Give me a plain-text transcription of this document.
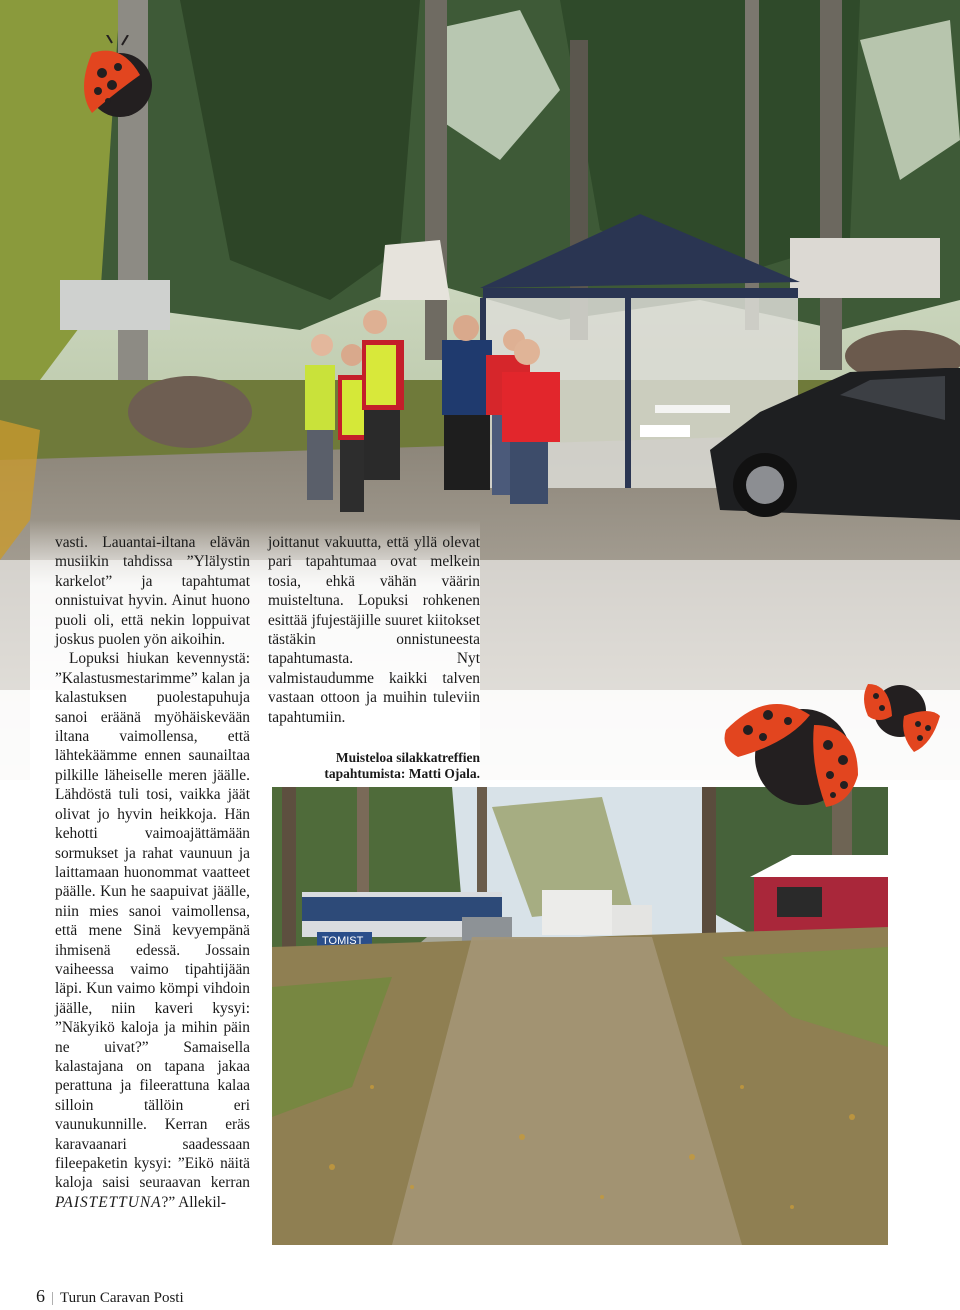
TOMIST

vasti. Lauantai-iltana elävän musiikin tahdissa ”Ylälystin karkelot” ja tapahtumat onnistuivat hyvin. Ainut huono puoli oli, että nekin loppuivat joskus puolen yön aikoihin.

Lopuksi hiukan kevennystä: ”Kalastusmestarimme” kalan ja kalastuksen puolestapuhuja sanoi eräänä myöhäiskevään iltana vaimollensa, että lähtekäämme ennen saunailtaa pilkille läheiselle meren jäälle. Lähdöstä tuli tosi, vaikka jäät olivat jo hyvin heikkoja. Hän kehotti vaimoajättämään sormukset ja rahat vaunuun ja laittamaan huonommat vaatteet päälle. Kun he saapuivat jäälle, niin mies sanoi vaimollensa, että mene Sinä kevyempänä ihmisenä edessä. Jossain vaiheessa vaimo tipahtijään läpi. Kun vaimo kömpi vihdoin jäälle, niin kaveri kysyi: ”Näkyikö kaloja ja mihin päin ne uivat?” Samaisella kalastajana on tapana jakaa perattuna ja fileerattuna kalaa silloin tällöin eri vaunukunnille. Kerran eräs karavaanari saadessaan fileepaketin kysyi: ”Eikö näitä kaloja saisi seuraavan kerran PAISTETTUNA?” Allekil-

joittanut vakuutta, että yllä olevat pari tapahtumaa ovat melkein tosia, ehkä vähän väärin muisteltuna. Lopuksi rohkenen esittää jfujestäjille suuret kiitokset tästäkin onnistuneesta tapahtumasta. Nyt valmistaudumme kaikki talven vastaan ottoon ja muihin tuleviin tapahtumiin.

Muisteloa silakkatreffien tapahtumista: Matti Ojala.
6 | Turun Caravan Posti
